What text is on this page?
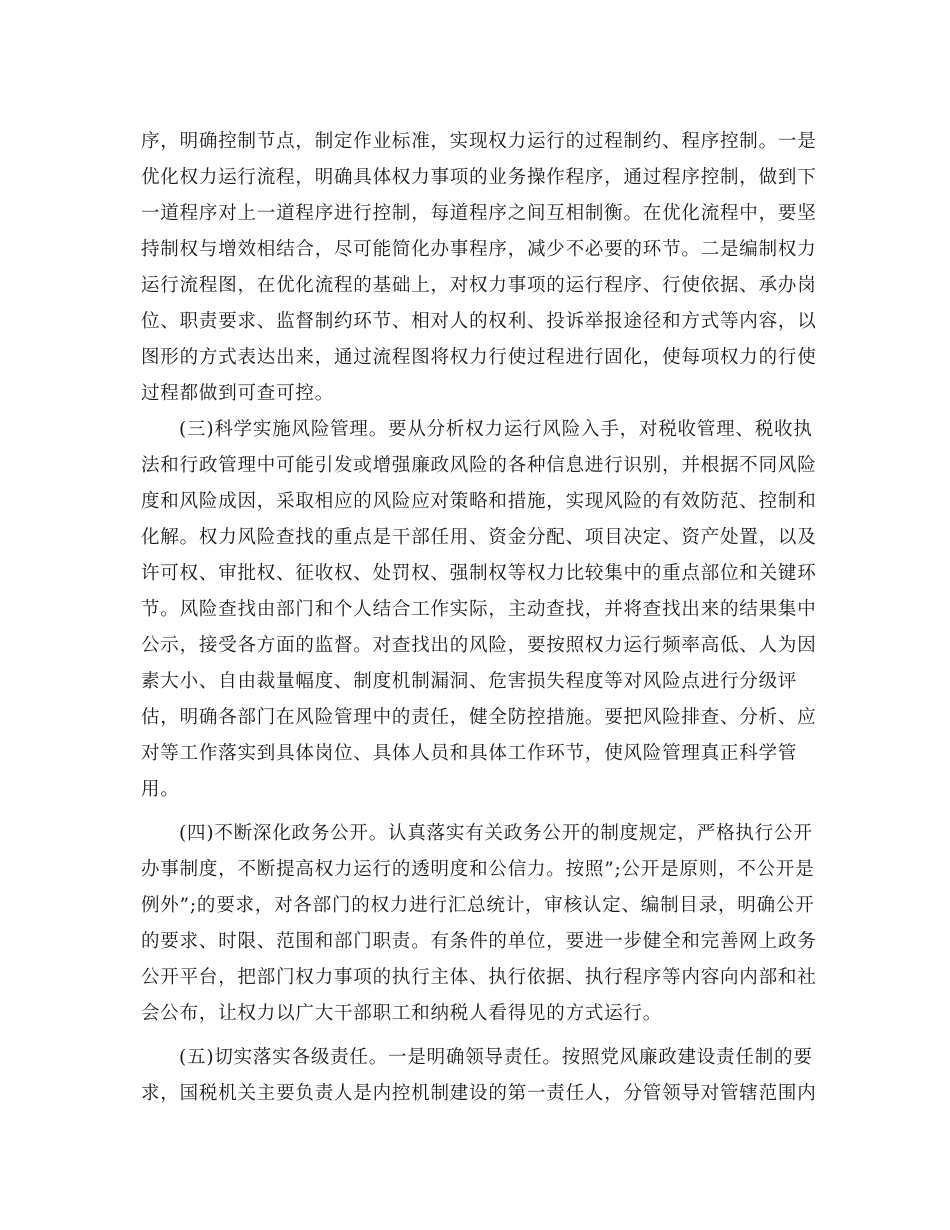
序，明确控制节点，制定作业标准，实现权力运行的过程制约、程序控制。一是
优化权力运行流程，明确具体权力事项的业务操作程序，通过程序控制，做到下
一道程序对上一道程序进行控制，每道程序之间互相制衡。在优化流程中，要坚
持制权与增效相结合，尽可能简化办事程序，减少不必要的环节。二是编制权力
运行流程图，在优化流程的基础上，对权力事项的运行程序、行使依据、承办岗
位、职责要求、监督制约环节、相对人的权利、投诉举报途径和方式等内容，以
图形的方式表达出来，通过流程图将权力行使过程进行固化，使每项权力的行使
过程都做到可查可控。
(三)科学实施风险管理。要从分析权力运行风险入手，对税收管理、税收执
法和行政管理中可能引发或增强廉政风险的各种信息进行识别，并根据不同风险
度和风险成因，采取相应的风险应对策略和措施，实现风险的有效防范、控制和
化解。权力风险查找的重点是干部任用、资金分配、项目决定、资产处置，以及
许可权、审批权、征收权、处罚权、强制权等权力比较集中的重点部位和关键环
节。风险查找由部门和个人结合工作实际，主动查找，并将查找出来的结果集中
公示，接受各方面的监督。对查找出的风险，要按照权力运行频率高低、人为因
素大小、自由裁量幅度、制度机制漏洞、危害损失程度等对风险点进行分级评
估，明确各部门在风险管理中的责任，健全防控措施。要把风险排查、分析、应
对等工作落实到具体岗位、具体人员和具体工作环节，使风险管理真正科学管
用。
(四)不断深化政务公开。认真落实有关政务公开的制度规定，严格执行公开
办事制度，不断提高权力运行的透明度和公信力。按照”;公开是原则，不公开是
例外”;的要求，对各部门的权力进行汇总统计，审核认定、编制目录，明确公开
的要求、时限、范围和部门职责。有条件的单位，要进一步健全和完善网上政务
公开平台，把部门权力事项的执行主体、执行依据、执行程序等内容向内部和社
会公布，让权力以广大干部职工和纳税人看得见的方式运行。
(五)切实落实各级责任。一是明确领导责任。按照党风廉政建设责任制的要
求，国税机关主要负责人是内控机制建设的第一责任人，分管领导对管辖范围内
